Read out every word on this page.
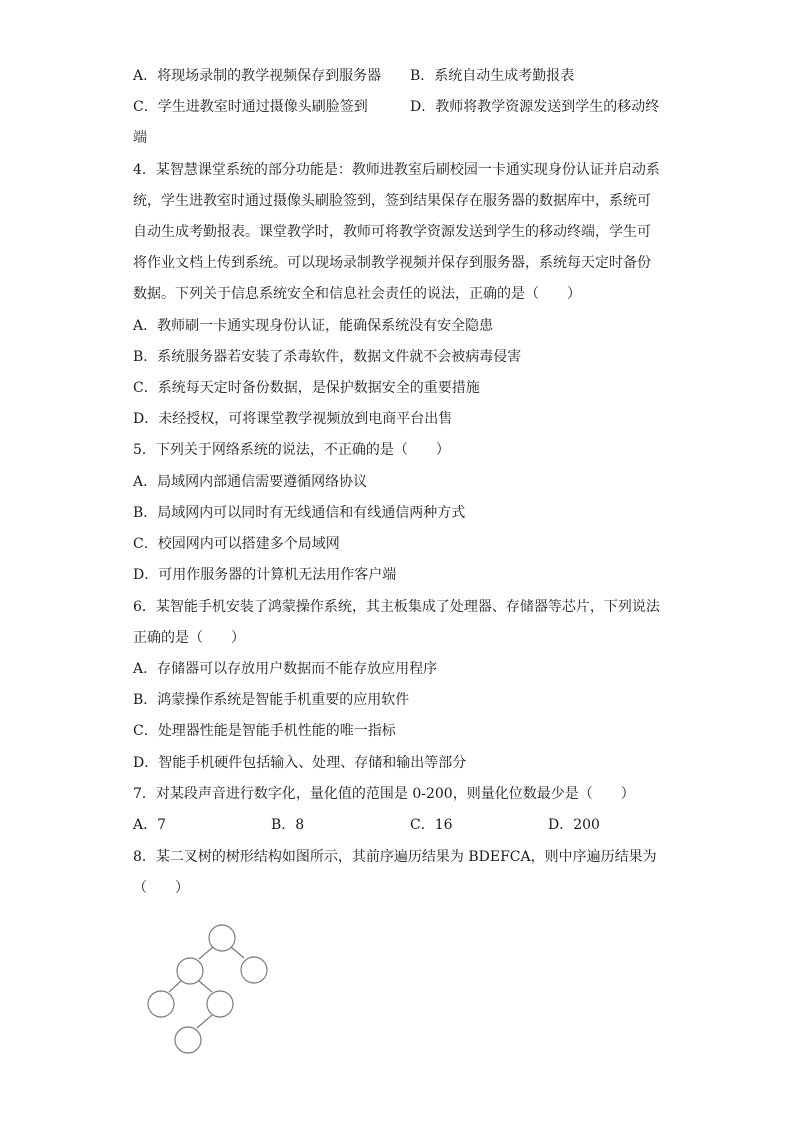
A．将现场录制的教学视频保存到服务器 B．系统自动生成考勤报表
C．学生进教室时通过摄像头刷脸签到	D．教师将教学资源发送到学生的移动终
端
4．某智慧课堂系统的部分功能是：教师进教室后刷校园一卡通实现身份认证并启动系
统，学生进教室时通过摄像头刷脸签到，签到结果保存在服务器的数据库中，系统可
自动生成考勤报表。课堂教学时，教师可将教学资源发送到学生的移动终端，学生可
将作业文档上传到系统。可以现场录制教学视频并保存到服务器，系统每天定时备份
数据。下列关于信息系统安全和信息社会责任的说法，正确的是（　　）
A．教师刷一卡通实现身份认证，能确保系统没有安全隐患
B．系统服务器若安装了杀毒软件，数据文件就不会被病毒侵害
C．系统每天定时备份数据，是保护数据安全的重要措施
D．未经授权，可将课堂教学视频放到电商平台出售
5．下列关于网络系统的说法，不正确的是（　　）
A．局域网内部通信需要遵循网络协议
B．局域网内可以同时有无线通信和有线通信两种方式
C．校园网内可以搭建多个局域网
D．可用作服务器的计算机无法用作客户端
6．某智能手机安装了鸿蒙操作系统，其主板集成了处理器、存储器等芯片，下列说法
正确的是（　　）
A．存储器可以存放用户数据而不能存放应用程序
B．鸿蒙操作系统是智能手机重要的应用软件
C．处理器性能是智能手机性能的唯一指标
D．智能手机硬件包括输入、处理、存储和输出等部分
7．对某段声音进行数字化，量化值的范围是 0-200，则量化位数最少是（　　）
A．7	B．8	C．16	D．200
8．某二叉树的树形结构如图所示，其前序遍历结果为 BDEFCA，则中序遍历结果为
（　　）
